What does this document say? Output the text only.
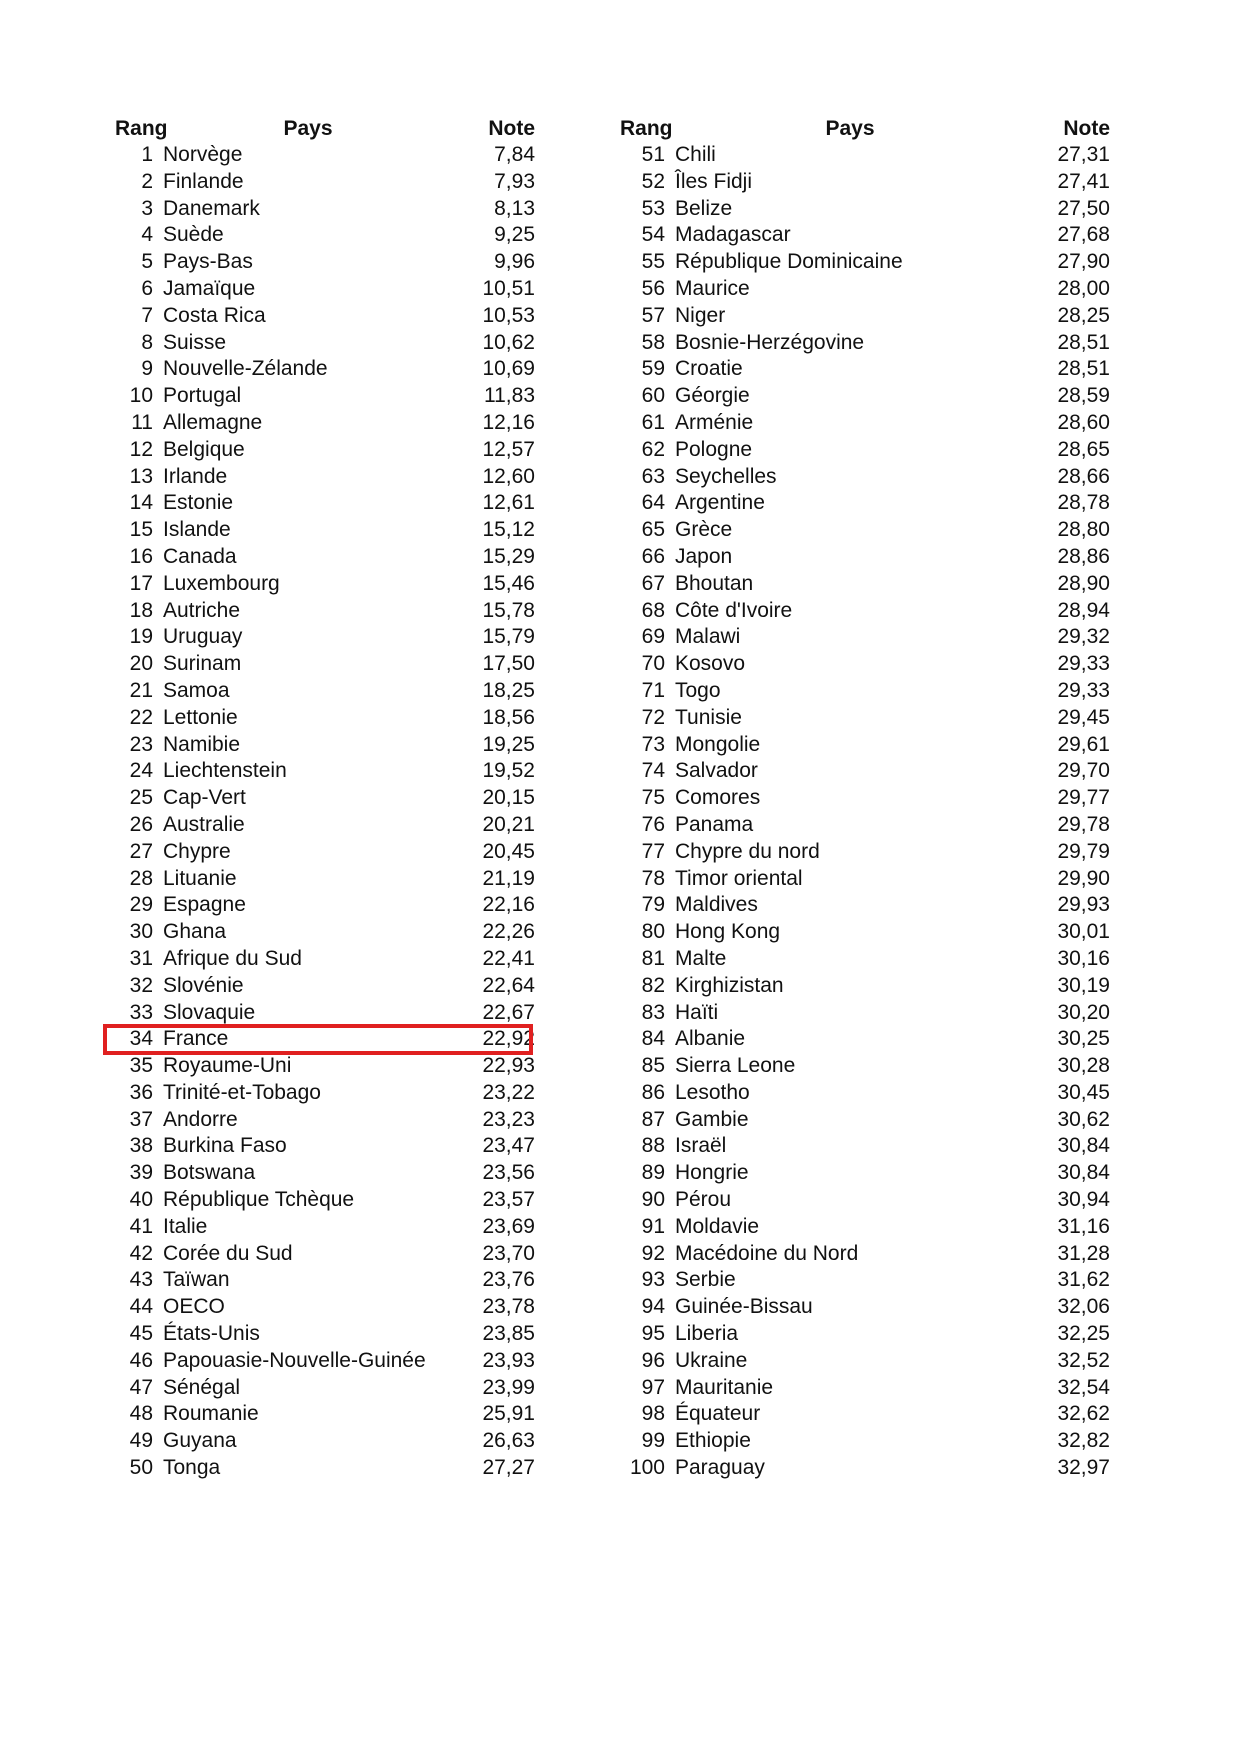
Rang	Pays	Note
1	Norvège	7,84
2	Finlande	7,93
3	Danemark	8,13
4	Suède	9,25
5	Pays-Bas	9,96
6	Jamaïque	10,51
7	Costa Rica	10,53
8	Suisse	10,62
9	Nouvelle-Zélande	10,69
10	Portugal	11,83
11	Allemagne	12,16
12	Belgique	12,57
13	Irlande	12,60
14	Estonie	12,61
15	Islande	15,12
16	Canada	15,29
17	Luxembourg	15,46
18	Autriche	15,78
19	Uruguay	15,79
20	Surinam	17,50
21	Samoa	18,25
22	Lettonie	18,56
23	Namibie	19,25
24	Liechtenstein	19,52
25	Cap-Vert	20,15
26	Australie	20,21
27	Chypre	20,45
28	Lituanie	21,19
29	Espagne	22,16
30	Ghana	22,26
31	Afrique du Sud	22,41
32	Slovénie	22,64
33	Slovaquie	22,67
34	France	22,92
35	Royaume-Uni	22,93
36	Trinité-et-Tobago	23,22
37	Andorre	23,23
38	Burkina Faso	23,47
39	Botswana	23,56
40	République Tchèque	23,57
41	Italie	23,69
42	Corée du Sud	23,70
43	Taïwan	23,76
44	OECO	23,78
45	États-Unis	23,85
46	Papouasie-Nouvelle-Guinée	23,93
47	Sénégal	23,99
48	Roumanie	25,91
49	Guyana	26,63
50	Tonga	27,27
Rang	Pays	Note
51	Chili	27,31
52	Îles Fidji	27,41
53	Belize	27,50
54	Madagascar	27,68
55	République Dominicaine	27,90
56	Maurice	28,00
57	Niger	28,25
58	Bosnie-Herzégovine	28,51
59	Croatie	28,51
60	Géorgie	28,59
61	Arménie	28,60
62	Pologne	28,65
63	Seychelles	28,66
64	Argentine	28,78
65	Grèce	28,80
66	Japon	28,86
67	Bhoutan	28,90
68	Côte d'Ivoire	28,94
69	Malawi	29,32
70	Kosovo	29,33
71	Togo	29,33
72	Tunisie	29,45
73	Mongolie	29,61
74	Salvador	29,70
75	Comores	29,77
76	Panama	29,78
77	Chypre du nord	29,79
78	Timor oriental	29,90
79	Maldives	29,93
80	Hong Kong	30,01
81	Malte	30,16
82	Kirghizistan	30,19
83	Haïti	30,20
84	Albanie	30,25
85	Sierra Leone	30,28
86	Lesotho	30,45
87	Gambie	30,62
88	Israël	30,84
89	Hongrie	30,84
90	Pérou	30,94
91	Moldavie	31,16
92	Macédoine du Nord	31,28
93	Serbie	31,62
94	Guinée-Bissau	32,06
95	Liberia	32,25
96	Ukraine	32,52
97	Mauritanie	32,54
98	Équateur	32,62
99	Ethiopie	32,82
100	Paraguay	32,97
